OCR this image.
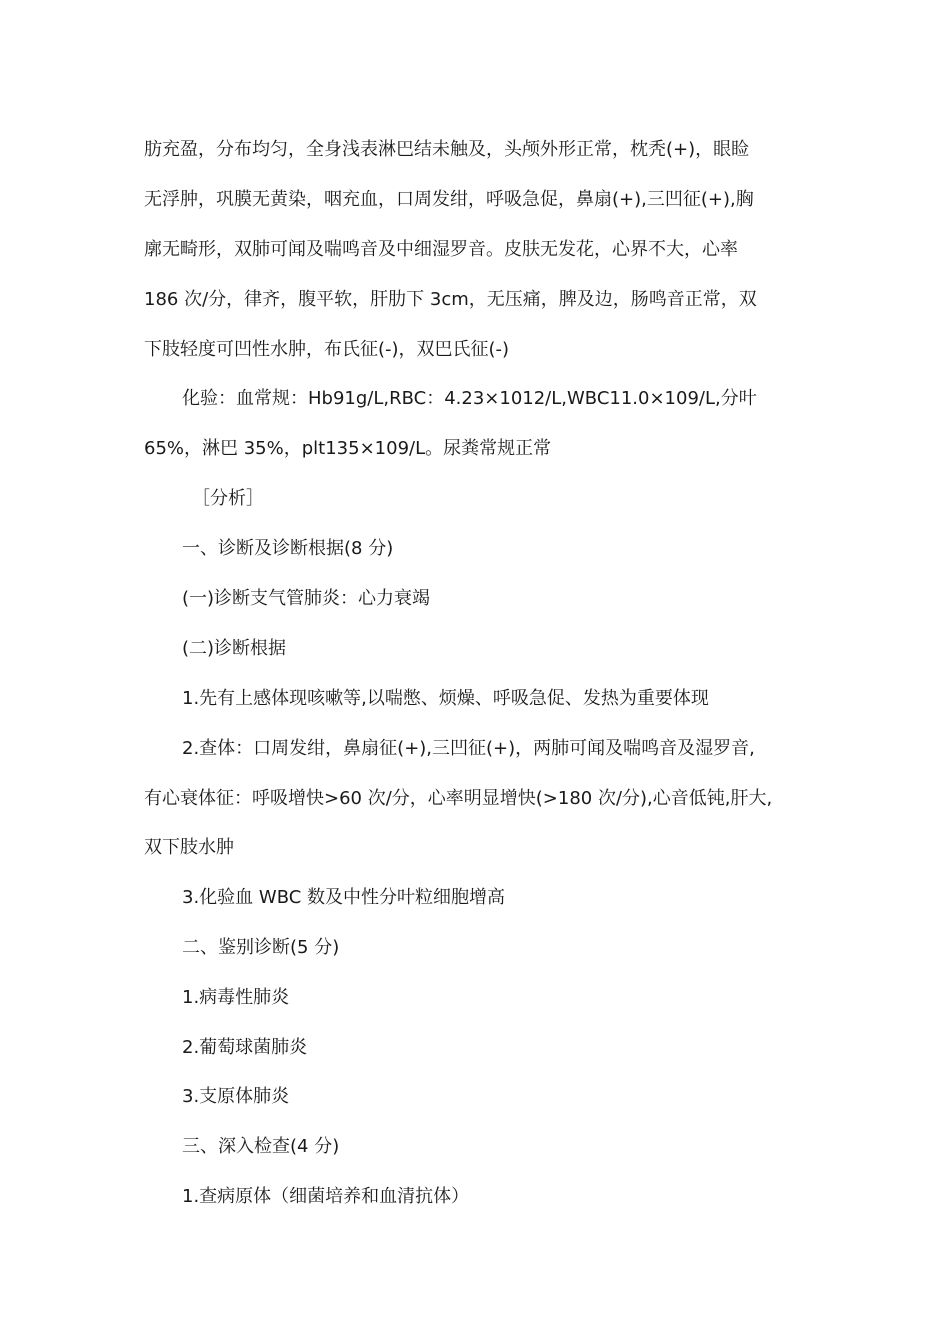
肪充盈，分布均匀，全身浅表淋巴结未触及，头颅外形正常，枕秃(+)，眼睑
无浮肿，巩膜无黄染，咽充血，口周发绀，呼吸急促，鼻扇(+),三凹征(+),胸
廓无畸形，双肺可闻及喘鸣音及中细湿罗音。皮肤无发花，心界不大，心率
186 次/分，律齐，腹平软，肝肋下 3cm，无压痛，脾及边，肠鸣音正常，双
下肢轻度可凹性水肿，布氏征(-)，双巴氏征(-)
化验：血常规：Hb91g/L,RBC：4.23×1012/L,WBC11.0×109/L,分叶
65%，淋巴 35%，plt135×109/L。尿粪常规正常
［分析］
一、诊断及诊断根据(8 分)
(一)诊断支气管肺炎：心力衰竭
(二)诊断根据
1.先有上感体现咳嗽等,以喘憋、烦燥、呼吸急促、发热为重要体现
2.查体：口周发绀，鼻扇征(+),三凹征(+)，两肺可闻及喘鸣音及湿罗音,
有心衰体征：呼吸增快>60 次/分，心率明显增快(>180 次/分),心音低钝,肝大,
双下肢水肿
3.化验血 WBC 数及中性分叶粒细胞增高
二、鉴别诊断(5 分)
1.病毒性肺炎
2.葡萄球菌肺炎
3.支原体肺炎
三、深入检查(4 分)
1.查病原体（细菌培养和血清抗体）
